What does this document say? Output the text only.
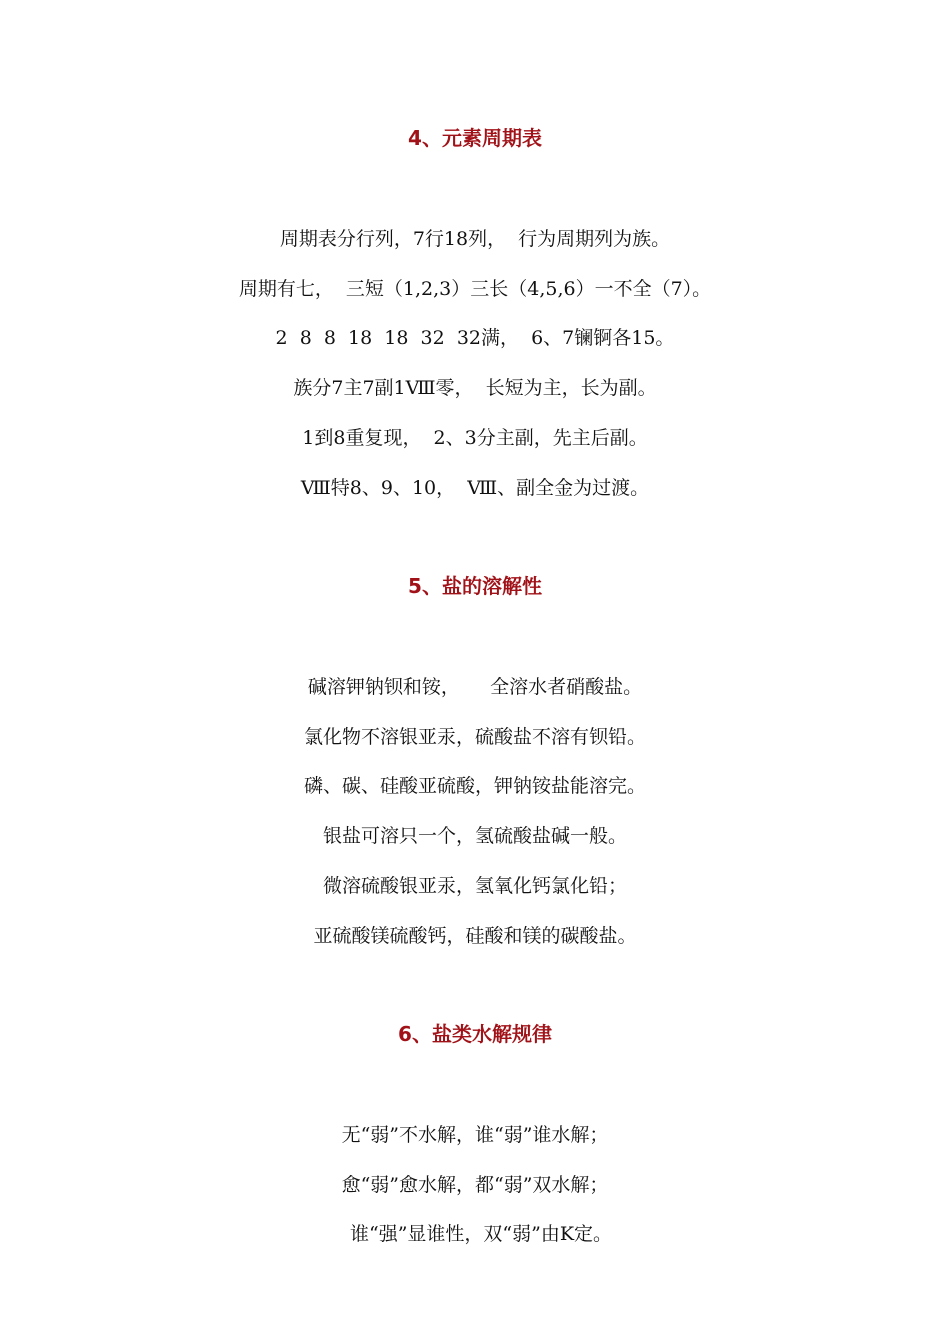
4、元素周期表
周期表分行列，7行18列，  行为周期列为族。
周期有七，  三短（1,2,3）三长（4,5,6）一不全（7）。
2  8  8  18  18  32  32满，  6、7镧锕各15。
族分7主7副1Ⅷ零，  长短为主，长为副。
1到8重复现，  2、3分主副，先主后副。
Ⅷ特8、9、10，  Ⅷ、副全金为过渡。
5、盐的溶解性
碱溶钾钠钡和铵，     全溶水者硝酸盐。
氯化物不溶银亚汞，硫酸盐不溶有钡铅。
磷、碳、硅酸亚硫酸，钾钠铵盐能溶完。
银盐可溶只一个，氢硫酸盐碱一般。
微溶硫酸银亚汞，氢氧化钙氯化铅；
亚硫酸镁硫酸钙，硅酸和镁的碳酸盐。
6、盐类水解规律
无“弱”不水解，谁“弱”谁水解；
愈“弱”愈水解，都“弱”双水解；
谁“强”显谁性，双“弱”由K定。
